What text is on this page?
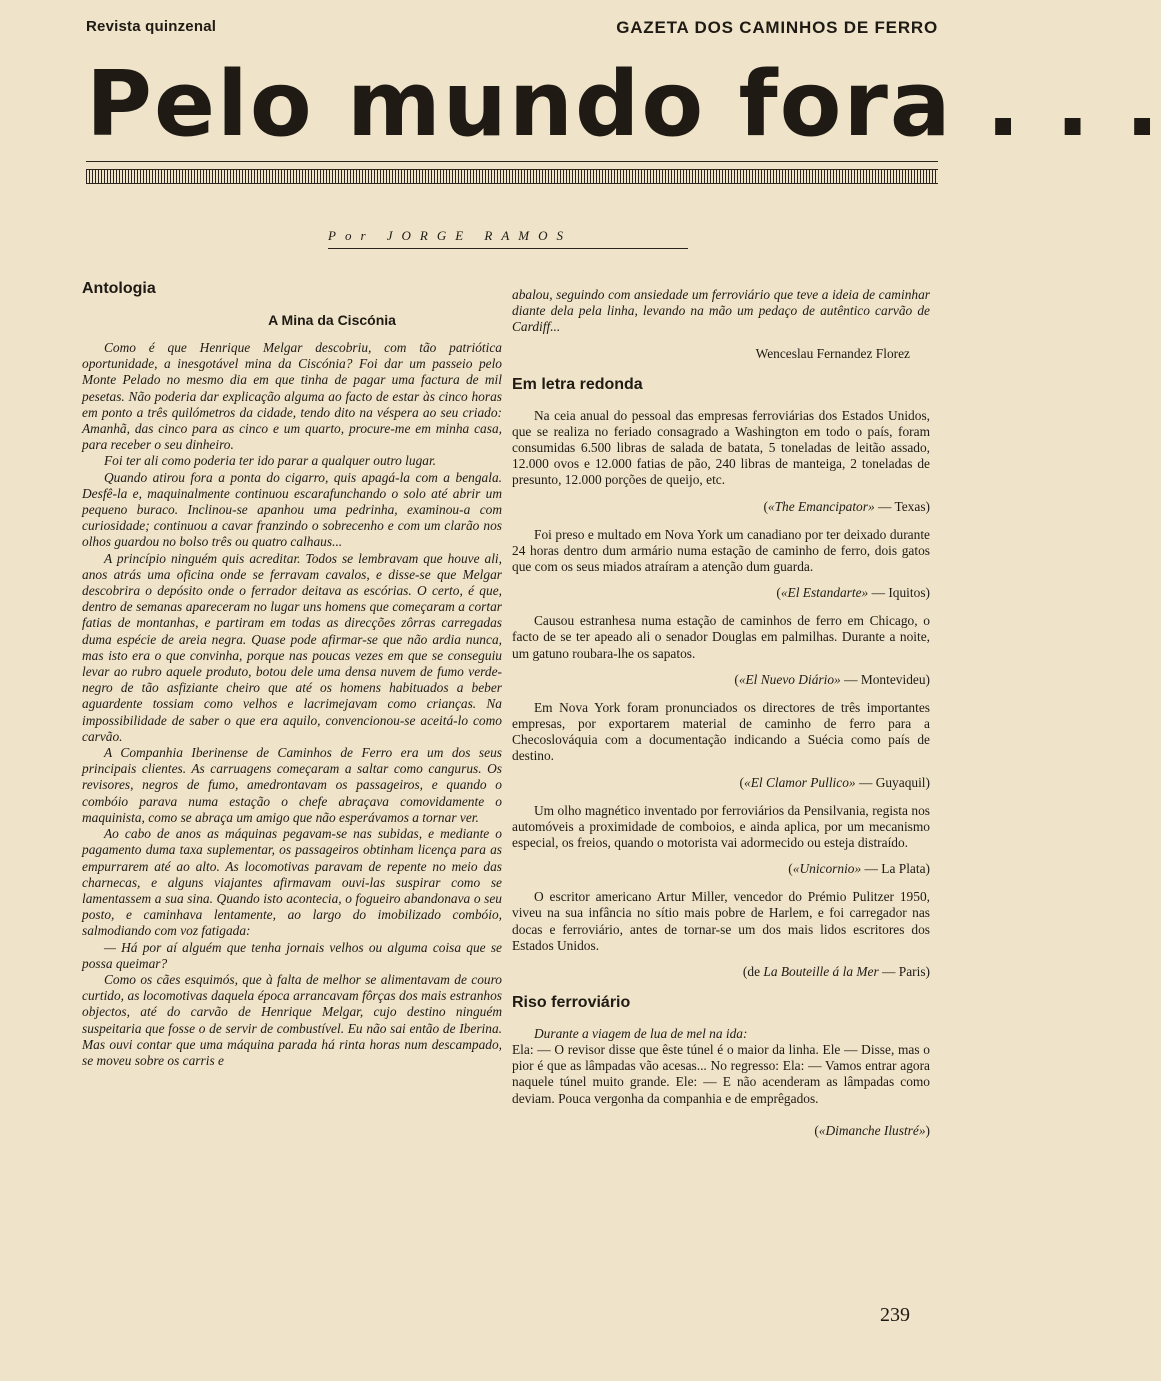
Revista quinzenal	GAZETA DOS CAMINHOS DE FERRO
Pelo mundo fora . . .
Por JORGE RAMOS
Antologia
A Mina da Ciscónia

Como é que Henrique Melgar descobriu, com tão patriótica oportunidade, a inesgotável mina da Ciscónia? Foi dar um passeio pelo Monte Pelado no mesmo dia em que tinha de pagar uma factura de mil pesetas. Não poderia dar explicação alguma ao facto de estar às cinco horas em ponto a três quilómetros da cidade, tendo dito na véspera ao seu criado: Amanhã, das cinco para as cinco e um quarto, procure-me em minha casa, para receber o seu dinheiro.

Foi ter ali como poderia ter ido parar a qualquer outro lugar.

Quando atirou fora a ponta do cigarro, quis apagá-la com a bengala. Desfê-la e, maquinalmente continuou escarafunchando o solo até abrir um pequeno buraco. Inclinou-se apanhou uma pedrinha, examinou-a com curiosidade; continuou a cavar franzindo o sobrecenho e com um clarão nos olhos guardou no bolso três ou quatro calhaus...

A princípio ninguém quis acreditar. Todos se lembravam que houve ali, anos atrás uma oficina onde se ferravam cavalos, e disse-se que Melgar descobrira o depósito onde o ferrador deitava as escórias. O certo, é que, dentro de semanas apareceram no lugar uns homens que começaram a cortar fatias de montanhas, e partiram em todas as direcções zôrras carregadas duma espécie de areia negra. Quase pode afirmar-se que não ardia nunca, mas isto era o que convinha, porque nas poucas vezes em que se conseguiu levar ao rubro aquele produto, botou dele uma densa nuvem de fumo verde-negro de tão asfiziante cheiro que até os homens habituados a beber aguardente tossiam como velhos e lacrimejavam como crianças. Na impossibilidade de saber o que era aquilo, convencionou-se aceitá-lo como carvão.

A Companhia Iberinense de Caminhos de Ferro era um dos seus principais clientes. As carruagens começaram a saltar como cangurus. Os revisores, negros de fumo, amedrontavam os passageiros, e quando o combóio parava numa estação o chefe abraçava comovidamente o maquinista, como se abraça um amigo que não esperávamos a tornar ver.

Ao cabo de anos as máquinas pegavam-se nas subidas, e mediante o pagamento duma taxa suplementar, os passageiros obtinham licença para as empurrarem até ao alto. As locomotivas paravam de repente no meio das charnecas, e alguns viajantes afirmavam ouvi-las suspirar como se lamentassem a sua sina. Quando isto acontecia, o fogueiro abandonava o seu posto, e caminhava lentamente, ao largo do imobilizado combóio, salmodiando com voz fatigada:

— Há por aí alguém que tenha jornais velhos ou alguma coisa que se possa queimar?

Como os cães esquimós, que à falta de melhor se alimentavam de couro curtido, as locomotivas daquela época arrancavam fôrças dos mais estranhos objectos, até do carvão de Henrique Melgar, cujo destino ninguém suspeitaria que fosse o de servir de combustível. Eu não sai então de Iberina. Mas ouvi contar que uma máquina parada há rinta horas num descampado, se moveu sobre os carris e

abalou, seguindo com ansiedade um ferroviário que teve a ideia de caminhar diante dela pela linha, levando na mão um pedaço de autêntico carvão de Cardiff...

Wenceslau Fernandez Florez
Em letra redonda

Na ceia anual do pessoal das empresas ferroviárias dos Estados Unidos, que se realiza no feriado consagrado a Washington em todo o país, foram consumidas 6.500 libras de salada de batata, 5 toneladas de leitão assado, 12.000 ovos e 12.000 fatias de pão, 240 libras de manteiga, 2 toneladas de presunto, 12.000 porções de queijo, etc.

(«The Emancipator» — Texas)

Foi preso e multado em Nova York um canadiano por ter deixado durante 24 horas dentro dum armário numa estação de caminho de ferro, dois gatos que com os seus miados atraíram a atenção dum guarda.

(«El Estandarte» — Iquitos)

Causou estranhesa numa estação de caminhos de ferro em Chicago, o facto de se ter apeado ali o senador Douglas em palmilhas. Durante a noite, um gatuno roubara-lhe os sapatos.

(«El Nuevo Diário» — Montevideu)

Em Nova York foram pronunciados os directores de três importantes empresas, por exportarem material de caminho de ferro para a Checoslováquia com a documentação indicando a Suécia como país de destino.

(«El Clamor Pullico» — Guyaquil)

Um olho magnético inventado por ferroviários da Pensilvania, regista nos automóveis a proximidade de comboios, e ainda aplica, por um mecanismo especial, os freios, quando o motorista vai adormecido ou esteja distraído.

(«Unicornio» — La Plata)

O escritor americano Artur Miller, vencedor do Prémio Pulitzer 1950, viveu na sua infância no sítio mais pobre de Harlem, e foi carregador nas docas e ferroviário, antes de tornar-se um dos mais lidos escritores dos Estados Unidos.

(de La Bouteille á la Mer — Paris)
Riso ferroviário
Durante a viagem de lua de mel na ida:

Ela: — O revisor disse que êste túnel é o maior da linha. Ele — Disse, mas o pior é que as lâmpadas vão acesas... No regresso: Ela: — Vamos entrar agora naquele túnel muito grande. Ele: — E não acenderam as lâmpadas como deviam. Pouca vergonha da companhia e de emprêgados.

(«Dimanche Ilustré»)
239
